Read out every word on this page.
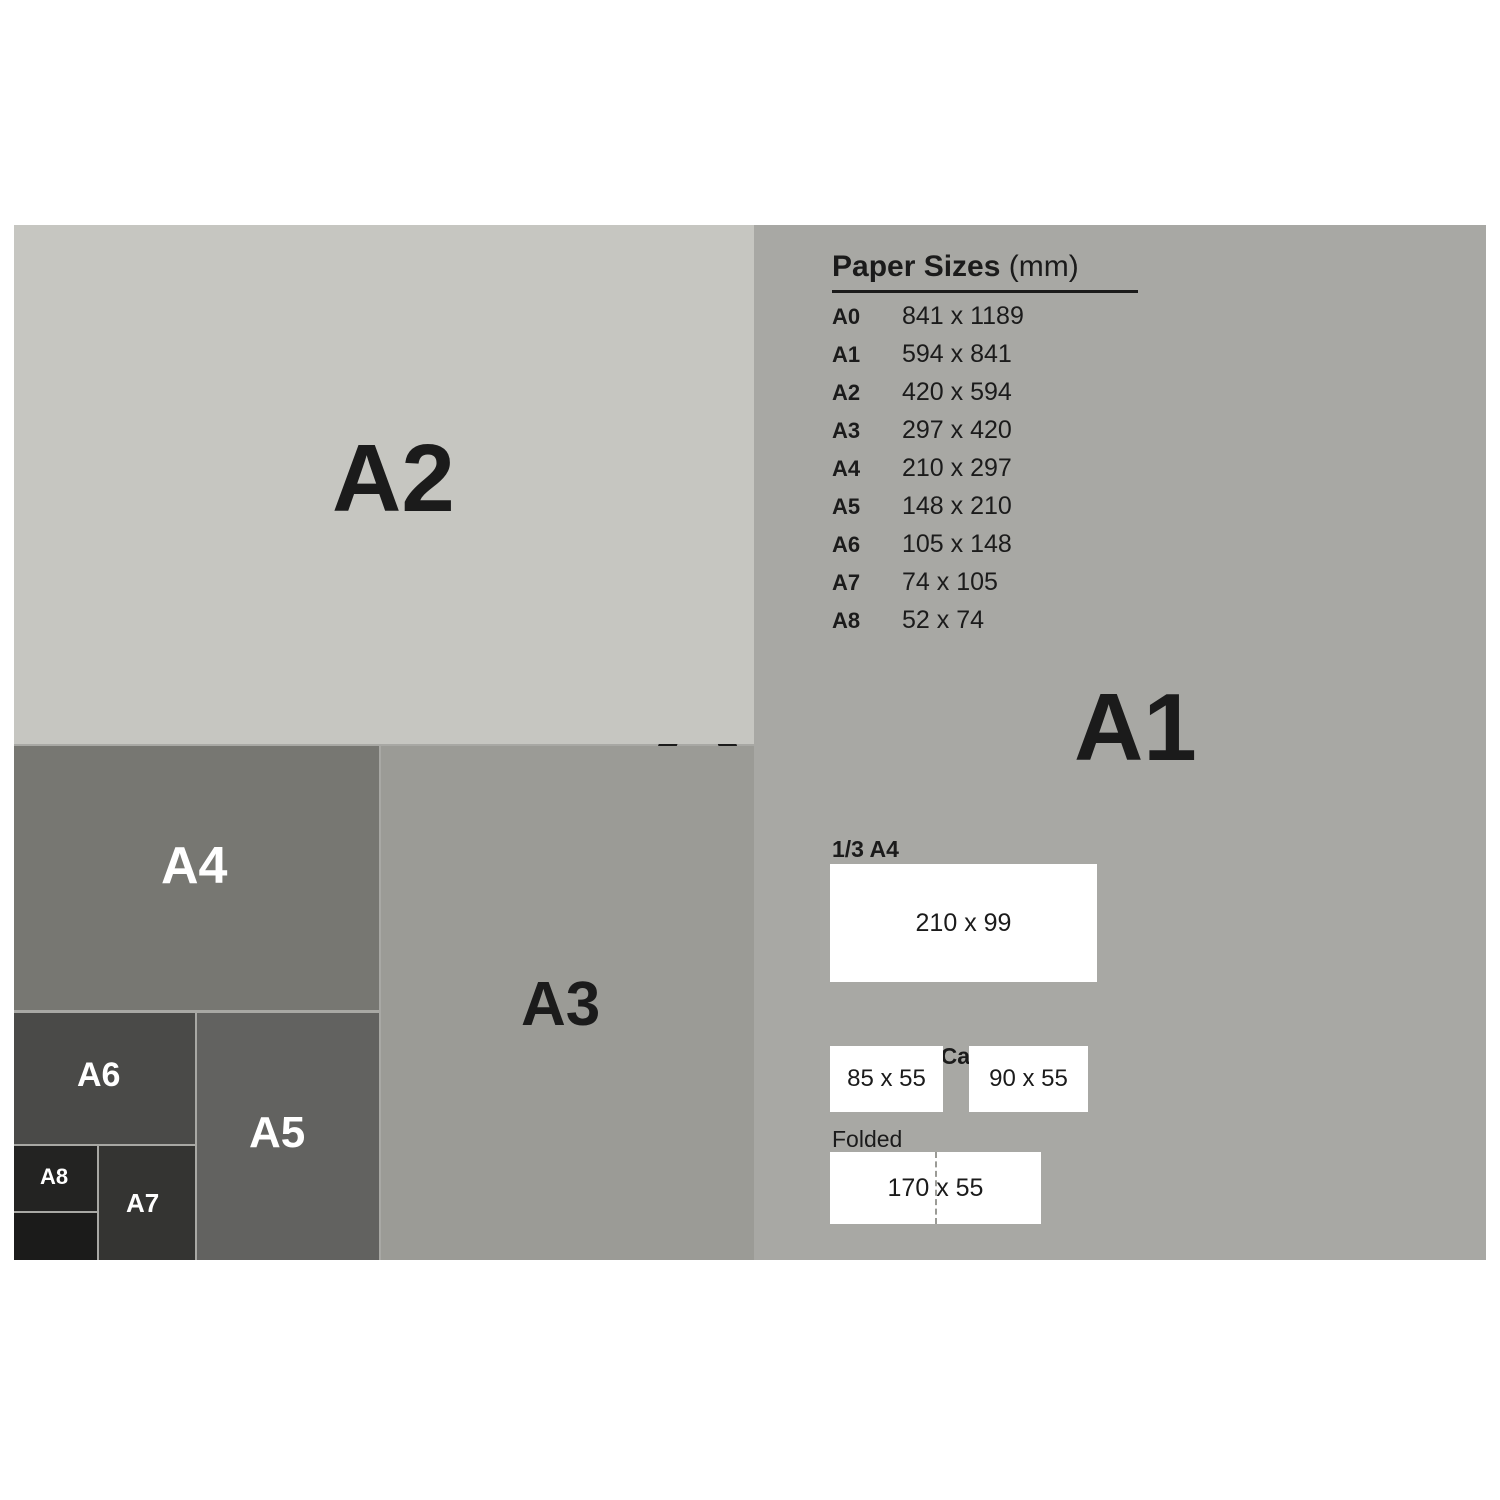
A1
A2
A3
A4
A5
A6
A7
A8
Paper Sizes (mm)
A0	841 x 1189
A1	594 x 841
A2	420 x 594
A3	297 x 420
A4	210 x 297
A5	148 x 210
A6	105 x 148
A7	74 x 105
A8	52 x 74
1/3 A4
210 x 99
85 x 55	90 x 55
Folded
170 x 55
